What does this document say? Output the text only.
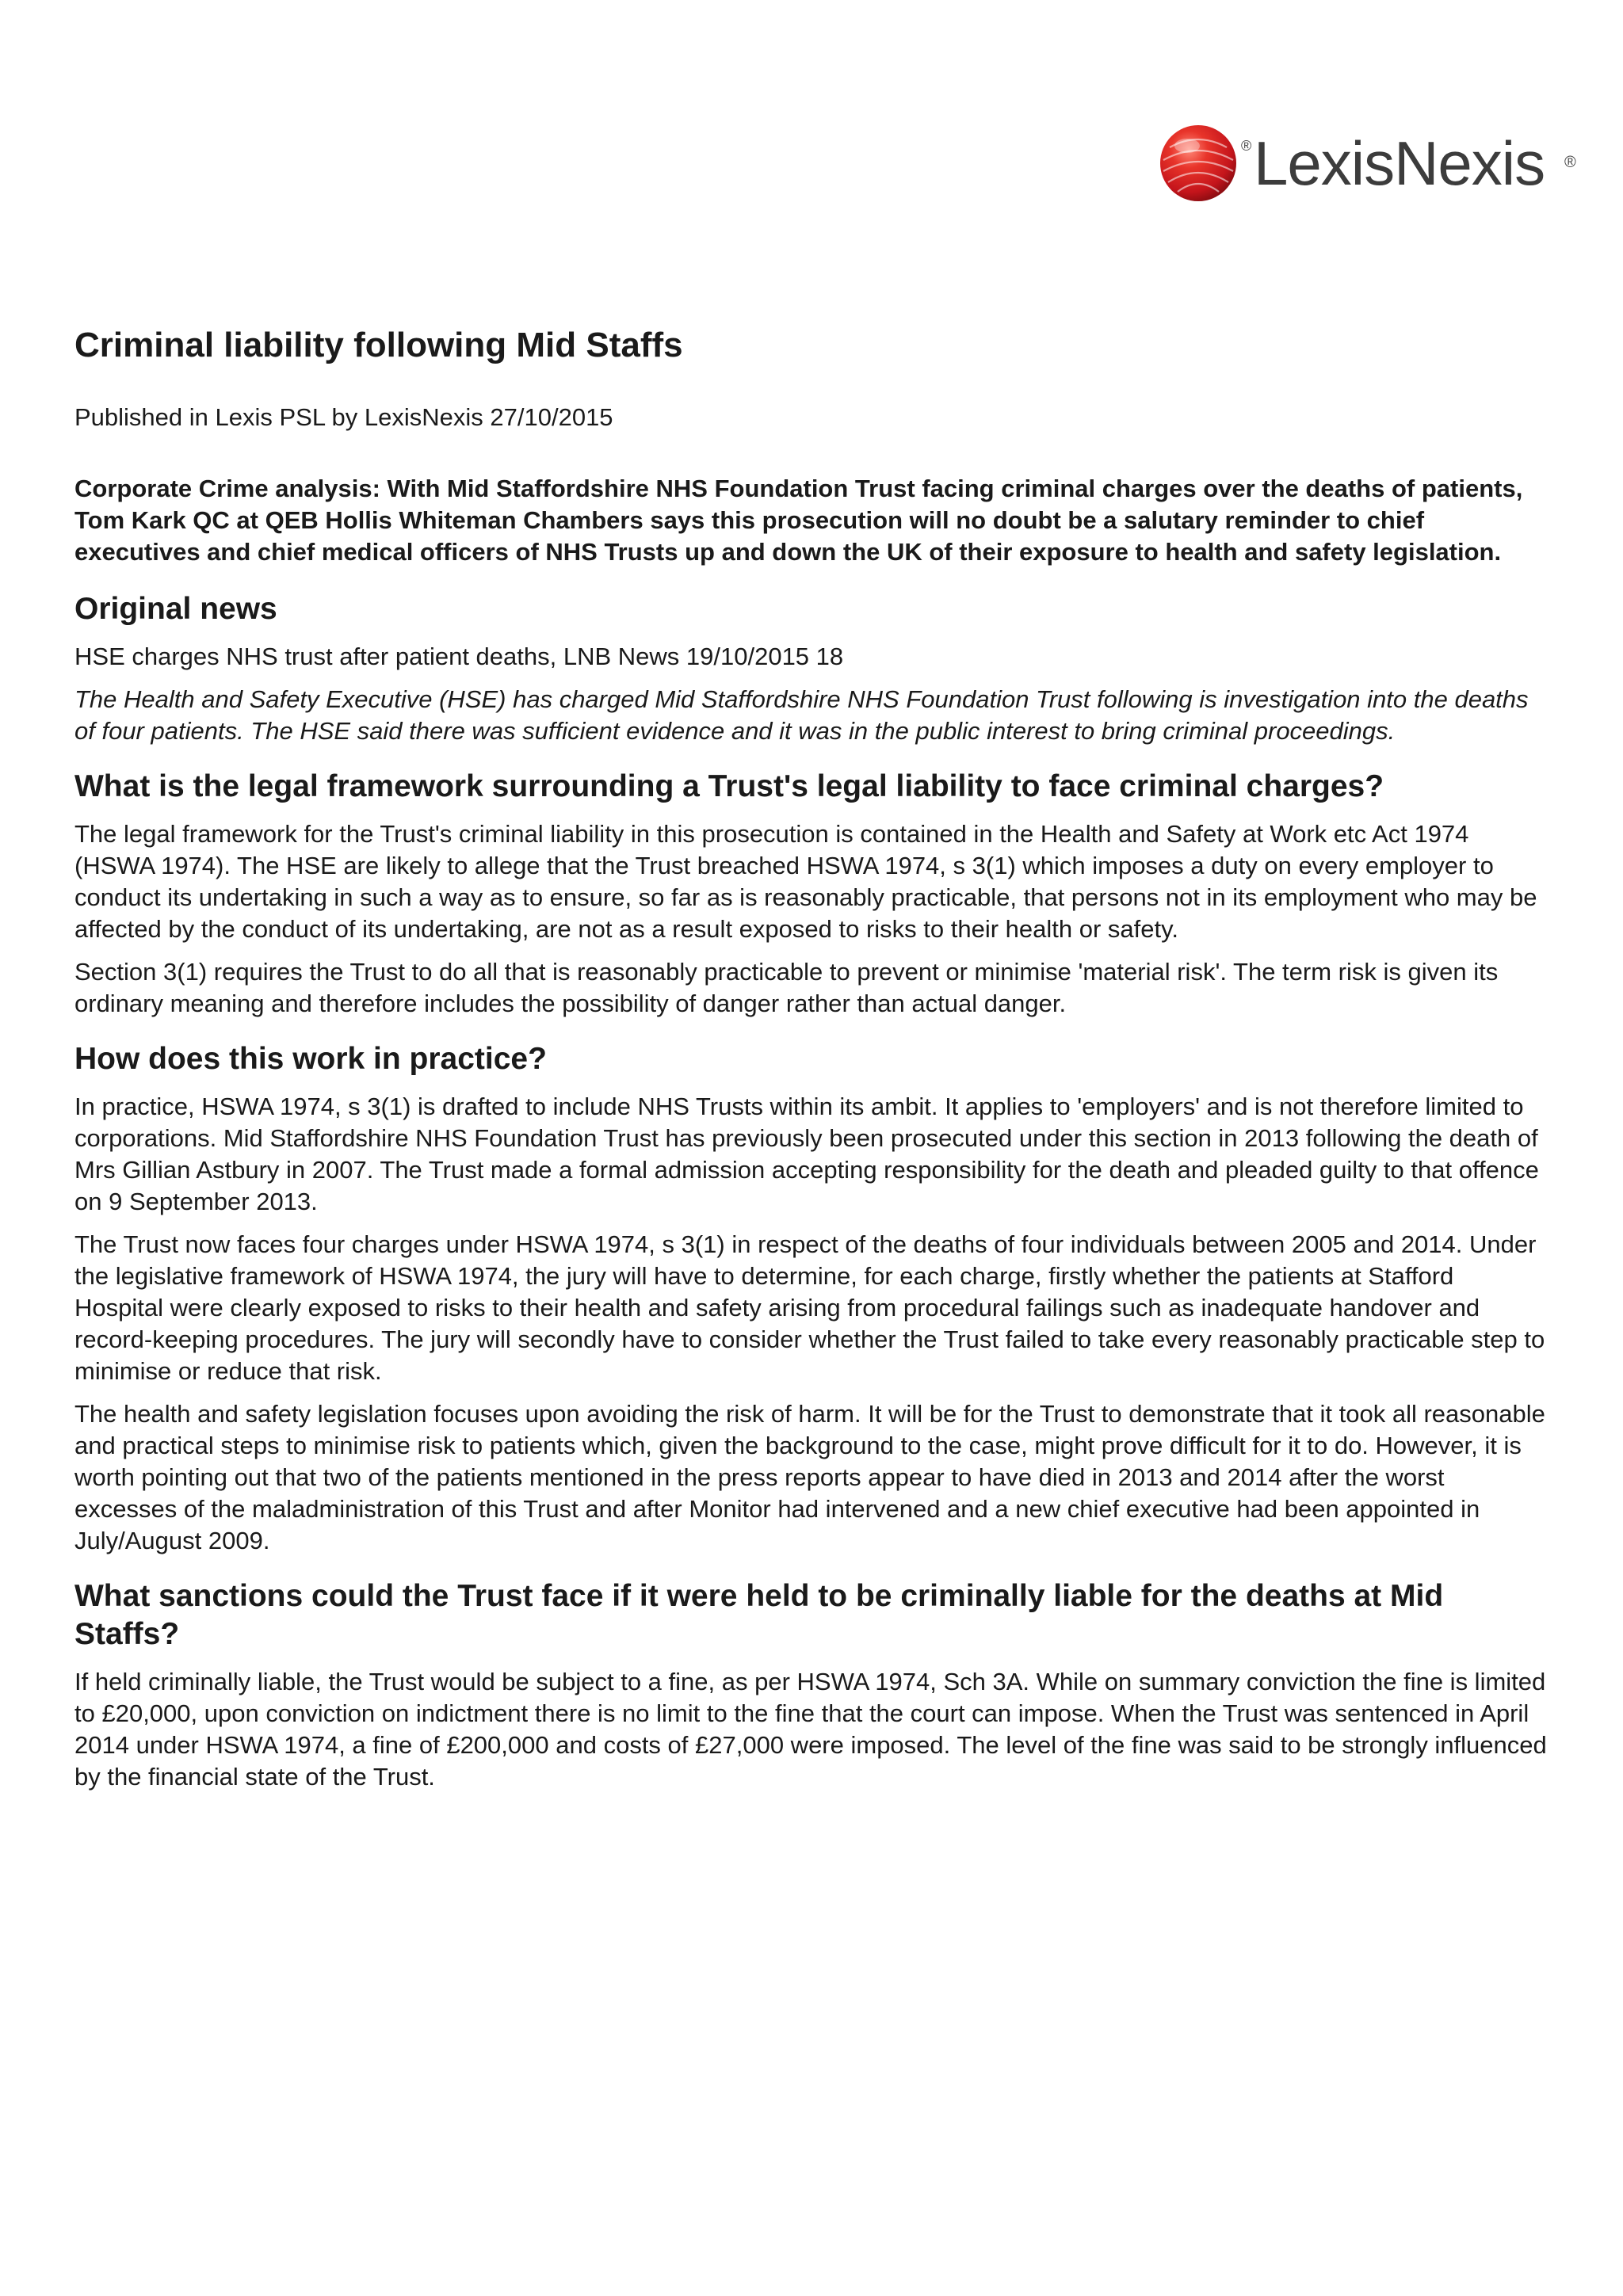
® LexisNexis ®
Criminal liability following Mid Staffs

Published in Lexis PSL by LexisNexis 27/10/2015

Corporate Crime analysis: With Mid Staffordshire NHS Foundation Trust facing criminal charges over the deaths of patients, Tom Kark QC at QEB Hollis Whiteman Chambers says this prosecution will no doubt be a salutary reminder to chief executives and chief medical officers of NHS Trusts up and down the UK of their exposure to health and safety legislation.

Original news

HSE charges NHS trust after patient deaths, LNB News 19/10/2015 18

The Health and Safety Executive (HSE) has charged Mid Staffordshire NHS Foundation Trust following is investigation into the deaths of four patients. The HSE said there was sufficient evidence and it was in the public interest to bring criminal proceedings.

What is the legal framework surrounding a Trust's legal liability to face criminal charges?

The legal framework for the Trust's criminal liability in this prosecution is contained in the Health and Safety at Work etc Act 1974 (HSWA 1974). The HSE are likely to allege that the Trust breached HSWA 1974, s 3(1) which imposes a duty on every employer to conduct its undertaking in such a way as to ensure, so far as is reasonably practicable, that persons not in its employment who may be affected by the conduct of its undertaking, are not as a result exposed to risks to their health or safety.

Section 3(1) requires the Trust to do all that is reasonably practicable to prevent or minimise 'material risk'. The term risk is given its ordinary meaning and therefore includes the possibility of danger rather than actual danger.

How does this work in practice?

In practice, HSWA 1974, s 3(1) is drafted to include NHS Trusts within its ambit. It applies to 'employers' and is not therefore limited to corporations. Mid Staffordshire NHS Foundation Trust has previously been prosecuted under this section in 2013 following the death of Mrs Gillian Astbury in 2007. The Trust made a formal admission accepting responsibility for the death and pleaded guilty to that offence on 9 September 2013.

The Trust now faces four charges under HSWA 1974, s 3(1) in respect of the deaths of four individuals between 2005 and 2014. Under the legislative framework of HSWA 1974, the jury will have to determine, for each charge, firstly whether the patients at Stafford Hospital were clearly exposed to risks to their health and safety arising from procedural failings such as inadequate handover and record-keeping procedures. The jury will secondly have to consider whether the Trust failed to take every reasonably practicable step to minimise or reduce that risk.

The health and safety legislation focuses upon avoiding the risk of harm. It will be for the Trust to demonstrate that it took all reasonable and practical steps to minimise risk to patients which, given the background to the case, might prove difficult for it to do. However, it is worth pointing out that two of the patients mentioned in the press reports appear to have died in 2013 and 2014 after the worst excesses of the maladministration of this Trust and after Monitor had intervened and a new chief executive had been appointed in July/August 2009.

What sanctions could the Trust face if it were held to be criminally liable for the deaths at Mid Staffs?

If held criminally liable, the Trust would be subject to a fine, as per HSWA 1974, Sch 3A. While on summary conviction the fine is limited to £20,000, upon conviction on indictment there is no limit to the fine that the court can impose. When the Trust was sentenced in April 2014 under HSWA 1974, a fine of £200,000 and costs of £27,000 were imposed. The level of the fine was said to be strongly influenced by the financial state of the Trust.
